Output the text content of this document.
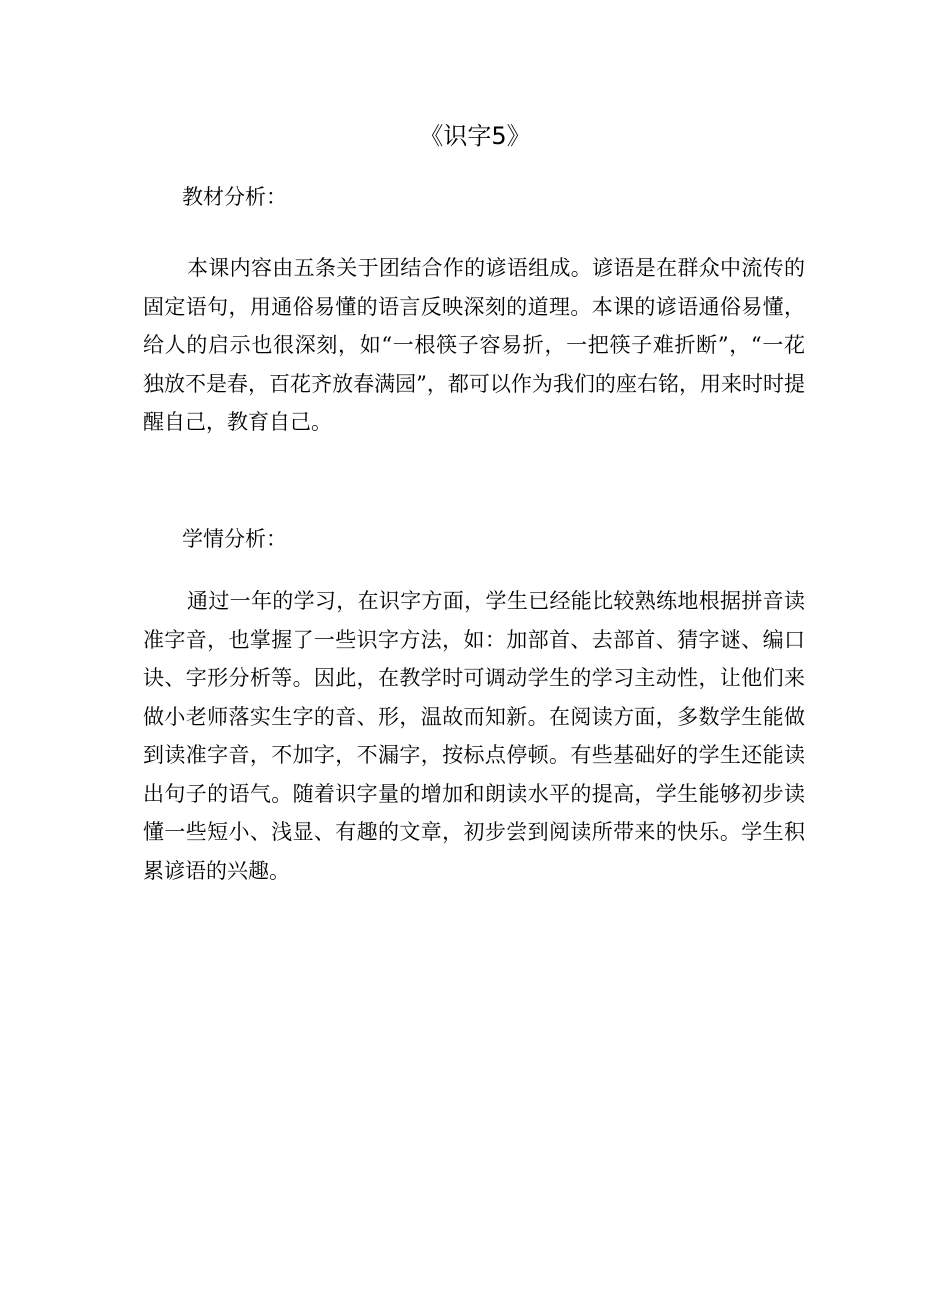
《识字5》
教材分析：
本课内容由五条关于团结合作的谚语组成。谚语是在群众中流传的固定语句，用通俗易懂的语言反映深刻的道理。本课的谚语通俗易懂，给人的启示也很深刻，如“一根筷子容易折，一把筷子难折断”，“一花独放不是春，百花齐放春满园”，都可以作为我们的座右铭，用来时时提醒自己，教育自己。
学情分析：
通过一年的学习，在识字方面，学生已经能比较熟练地根据拼音读准字音，也掌握了一些识字方法，如：加部首、去部首、猜字谜、编口诀、字形分析等。因此，在教学时可调动学生的学习主动性，让他们来做小老师落实生字的音、形，温故而知新。在阅读方面，多数学生能做到读准字音，不加字，不漏字，按标点停顿。有些基础好的学生还能读出句子的语气。随着识字量的增加和朗读水平的提高，学生能够初步读懂一些短小、浅显、有趣的文章，初步尝到阅读所带来的快乐。学生积累谚语的兴趣。
